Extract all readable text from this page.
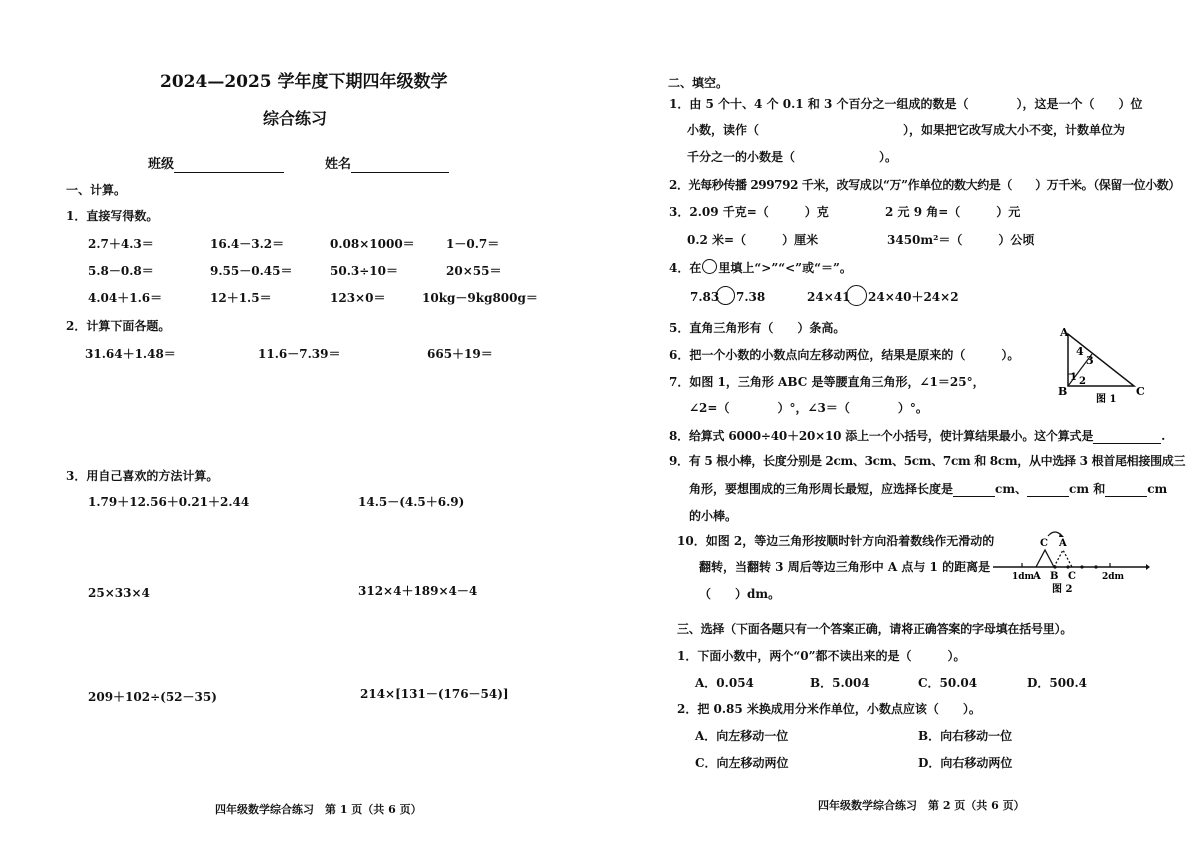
2024—2025 学年度下期四年级数学
综合练习
班级	姓名
一、计算。
1．直接写得数。
2.7＋4.3＝	16.4－3.2＝	0.08×1000＝	1－0.7＝
5.8－0.8＝	9.55－0.45＝	50.3÷10＝	20×55＝
4.04＋1.6＝	12＋1.5＝	123×0＝	10kg－9kg800g＝
2．计算下面各题。
31.64＋1.48＝	11.6－7.39＝	665＋19＝
3．用自己喜欢的方法计算。
1.79＋12.56＋0.21＋2.44	14.5－(4.5＋6.9)
25×33×4	312×4＋189×4－4
209＋102÷(52－35)	214×[131－(176－54)]
四年级数学综合练习　第 1 页（共 6 页）
二、填空。
1．由 5 个十、4 个 0.1 和 3 个百分之一组成的数是（　　　　），这是一个（　　）位
小数，读作（　　　　　　　　　　　　），如果把它改写成大小不变，计数单位为
千分之一的小数是（　　　　　　　）。
2．光每秒传播 299792 千米，改写成以“万”作单位的数大约是（　　）万千米。（保留一位小数）
3．2.09 千克=（　　　）克	2 元 9 角=（　　　）元
0.2 米=（　　　）厘米	3450m²＝（　　　）公顷
4．在 里填上“>”“<”或“＝”。
7.83 7.38	24×41 24×40＋24×2
5．直角三角形有（　　）条高。
6．把一个小数的小数点向左移动两位，结果是原来的（　　　）。
7．如图 1，三角形 ABC 是等腰直角三角形，∠1＝25°，
∠2=（　　　　）°，∠3＝（　　　　）°。
A
B	C
4
3
1 2
图 1
8．给算式 6000÷40＋20×10 添上一个小括号，使计算结果最小。这个算式是	.
9．有 5 根小棒，长度分别是 2cm、3cm、5cm、7cm 和 8cm，从中选择 3 根首尾相接围成三
角形，要想围成的三角形周长最短，应选择长度是	cm、	cm 和	cm
的小棒。
10．如图 2，等边三角形按顺时针方向沿着数线作无滑动的
翻转，当翻转 3 周后等边三角形中 A 点与 1 的距离是
（　　）dm。
C A
1dm
A B C	2dm
图 2
三、选择（下面各题只有一个答案正确，请将正确答案的字母填在括号里）。
1．下面小数中，两个“0”都不读出来的是（　　　）。
A．0.054	B．5.004	C．50.04	D．500.4
2．把 0.85 米换成用分米作单位，小数点应该（　　）。
A．向左移动一位	B．向右移动一位
C．向左移动两位	D．向右移动两位
四年级数学综合练习　第 2 页（共 6 页）
